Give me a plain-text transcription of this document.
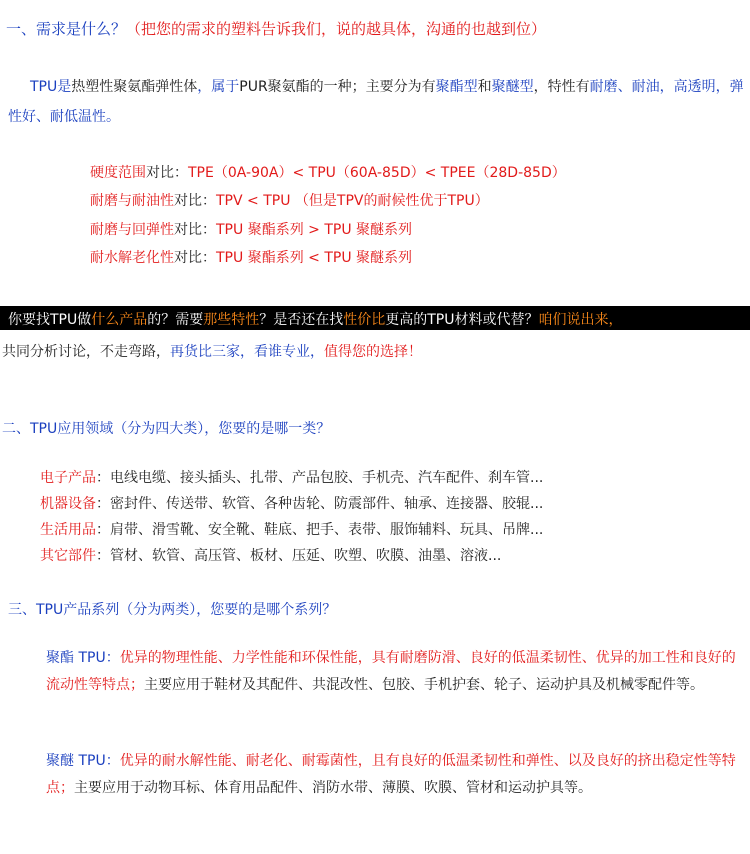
一、需求是什么？（把您的需求的塑料告诉我们，说的越具体，沟通的也越到位）
TPU是热塑性聚氨酯弹性体，属于PUR聚氨酯的一种；主要分为有聚酯型和聚醚型，特性有耐磨、耐油，高透明，弹性好、耐低温性。
硬度范围对比：TPE（0A-90A）< TPU（60A-85D）< TPEE（28D-85D）
耐磨与耐油性对比：TPV < TPU （但是TPV的耐候性优于TPU）
耐磨与回弹性对比：TPU 聚酯系列 > TPU 聚醚系列
耐水解老化性对比：TPU 聚酯系列 < TPU 聚醚系列
你要找TPU做什么产品的？需要那些特性？是否还在找性价比更高的TPU材料或代替？咱们说出来，
共同分析讨论，不走弯路，再货比三家，看谁专业，值得您的选择！
二、TPU应用领域（分为四大类），您要的是哪一类？
电子产品：电线电缆、接头插头、扎带、产品包胶、手机壳、汽车配件、刹车管...
机器设备：密封件、传送带、软管、各种齿轮、防震部件、轴承、连接器、胶辊...
生活用品：肩带、滑雪靴、安全靴、鞋底、把手、表带、服饰辅料、玩具、吊牌...
其它部件：管材、软管、高压管、板材、压延、吹塑、吹膜、油墨、溶液...
三、TPU产品系列（分为两类），您要的是哪个系列？
聚酯 TPU：优异的物理性能、力学性能和环保性能，具有耐磨防滑、良好的低温柔韧性、优异的加工性和良好的流动性等特点；主要应用于鞋材及其配件、共混改性、包胶、手机护套、轮子、运动护具及机械零配件等。
聚醚 TPU：优异的耐水解性能、耐老化、耐霉菌性，且有良好的低温柔韧性和弹性、以及良好的挤出稳定性等特点；主要应用于动物耳标、体育用品配件、消防水带、薄膜、吹膜、管材和运动护具等。
